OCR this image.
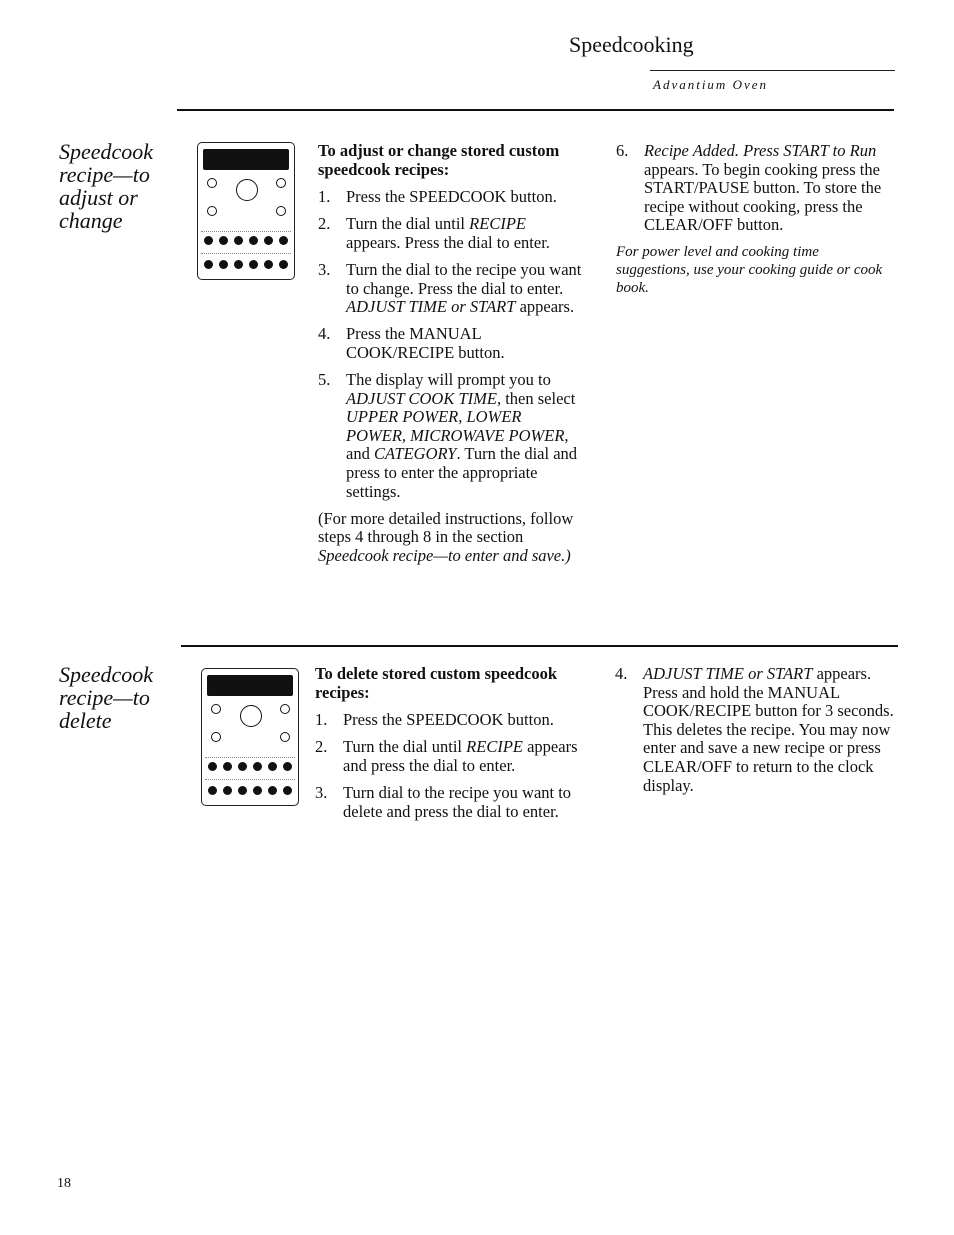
Speedcooking
Advantium Oven
Speedcook recipe—to adjust or change
To adjust or change stored custom speedcook recipes:
1. Press the SPEEDCOOK button.
2. Turn the dial until RECIPE appears. Press the dial to enter.
3. Turn the dial to the recipe you want to change. Press the dial to enter. ADJUST TIME or START appears.
4. Press the MANUAL COOK/RECIPE button.
5. The display will prompt you to ADJUST COOK TIME, then select UPPER POWER, LOWER POWER, MICROWAVE POWER, and CATEGORY. Turn the dial and press to enter the appropriate settings.
(For more detailed instructions, follow steps 4 through 8 in the section Speedcook recipe—to enter and save.)
6. Recipe Added. Press START to Run appears. To begin cooking press the START/PAUSE button. To store the recipe without cooking, press the CLEAR/OFF button.
For power level and cooking time suggestions, use your cooking guide or cook book.
Speedcook recipe—to delete
To delete stored custom speedcook recipes:
1. Press the SPEEDCOOK button.
2. Turn the dial until RECIPE appears and press the dial to enter.
3. Turn dial to the recipe you want to delete and press the dial to enter.
4. ADJUST TIME or START appears. Press and hold the MANUAL COOK/RECIPE button for 3 seconds. This deletes the recipe. You may now enter and save a new recipe or press CLEAR/OFF to return to the clock display.
18
